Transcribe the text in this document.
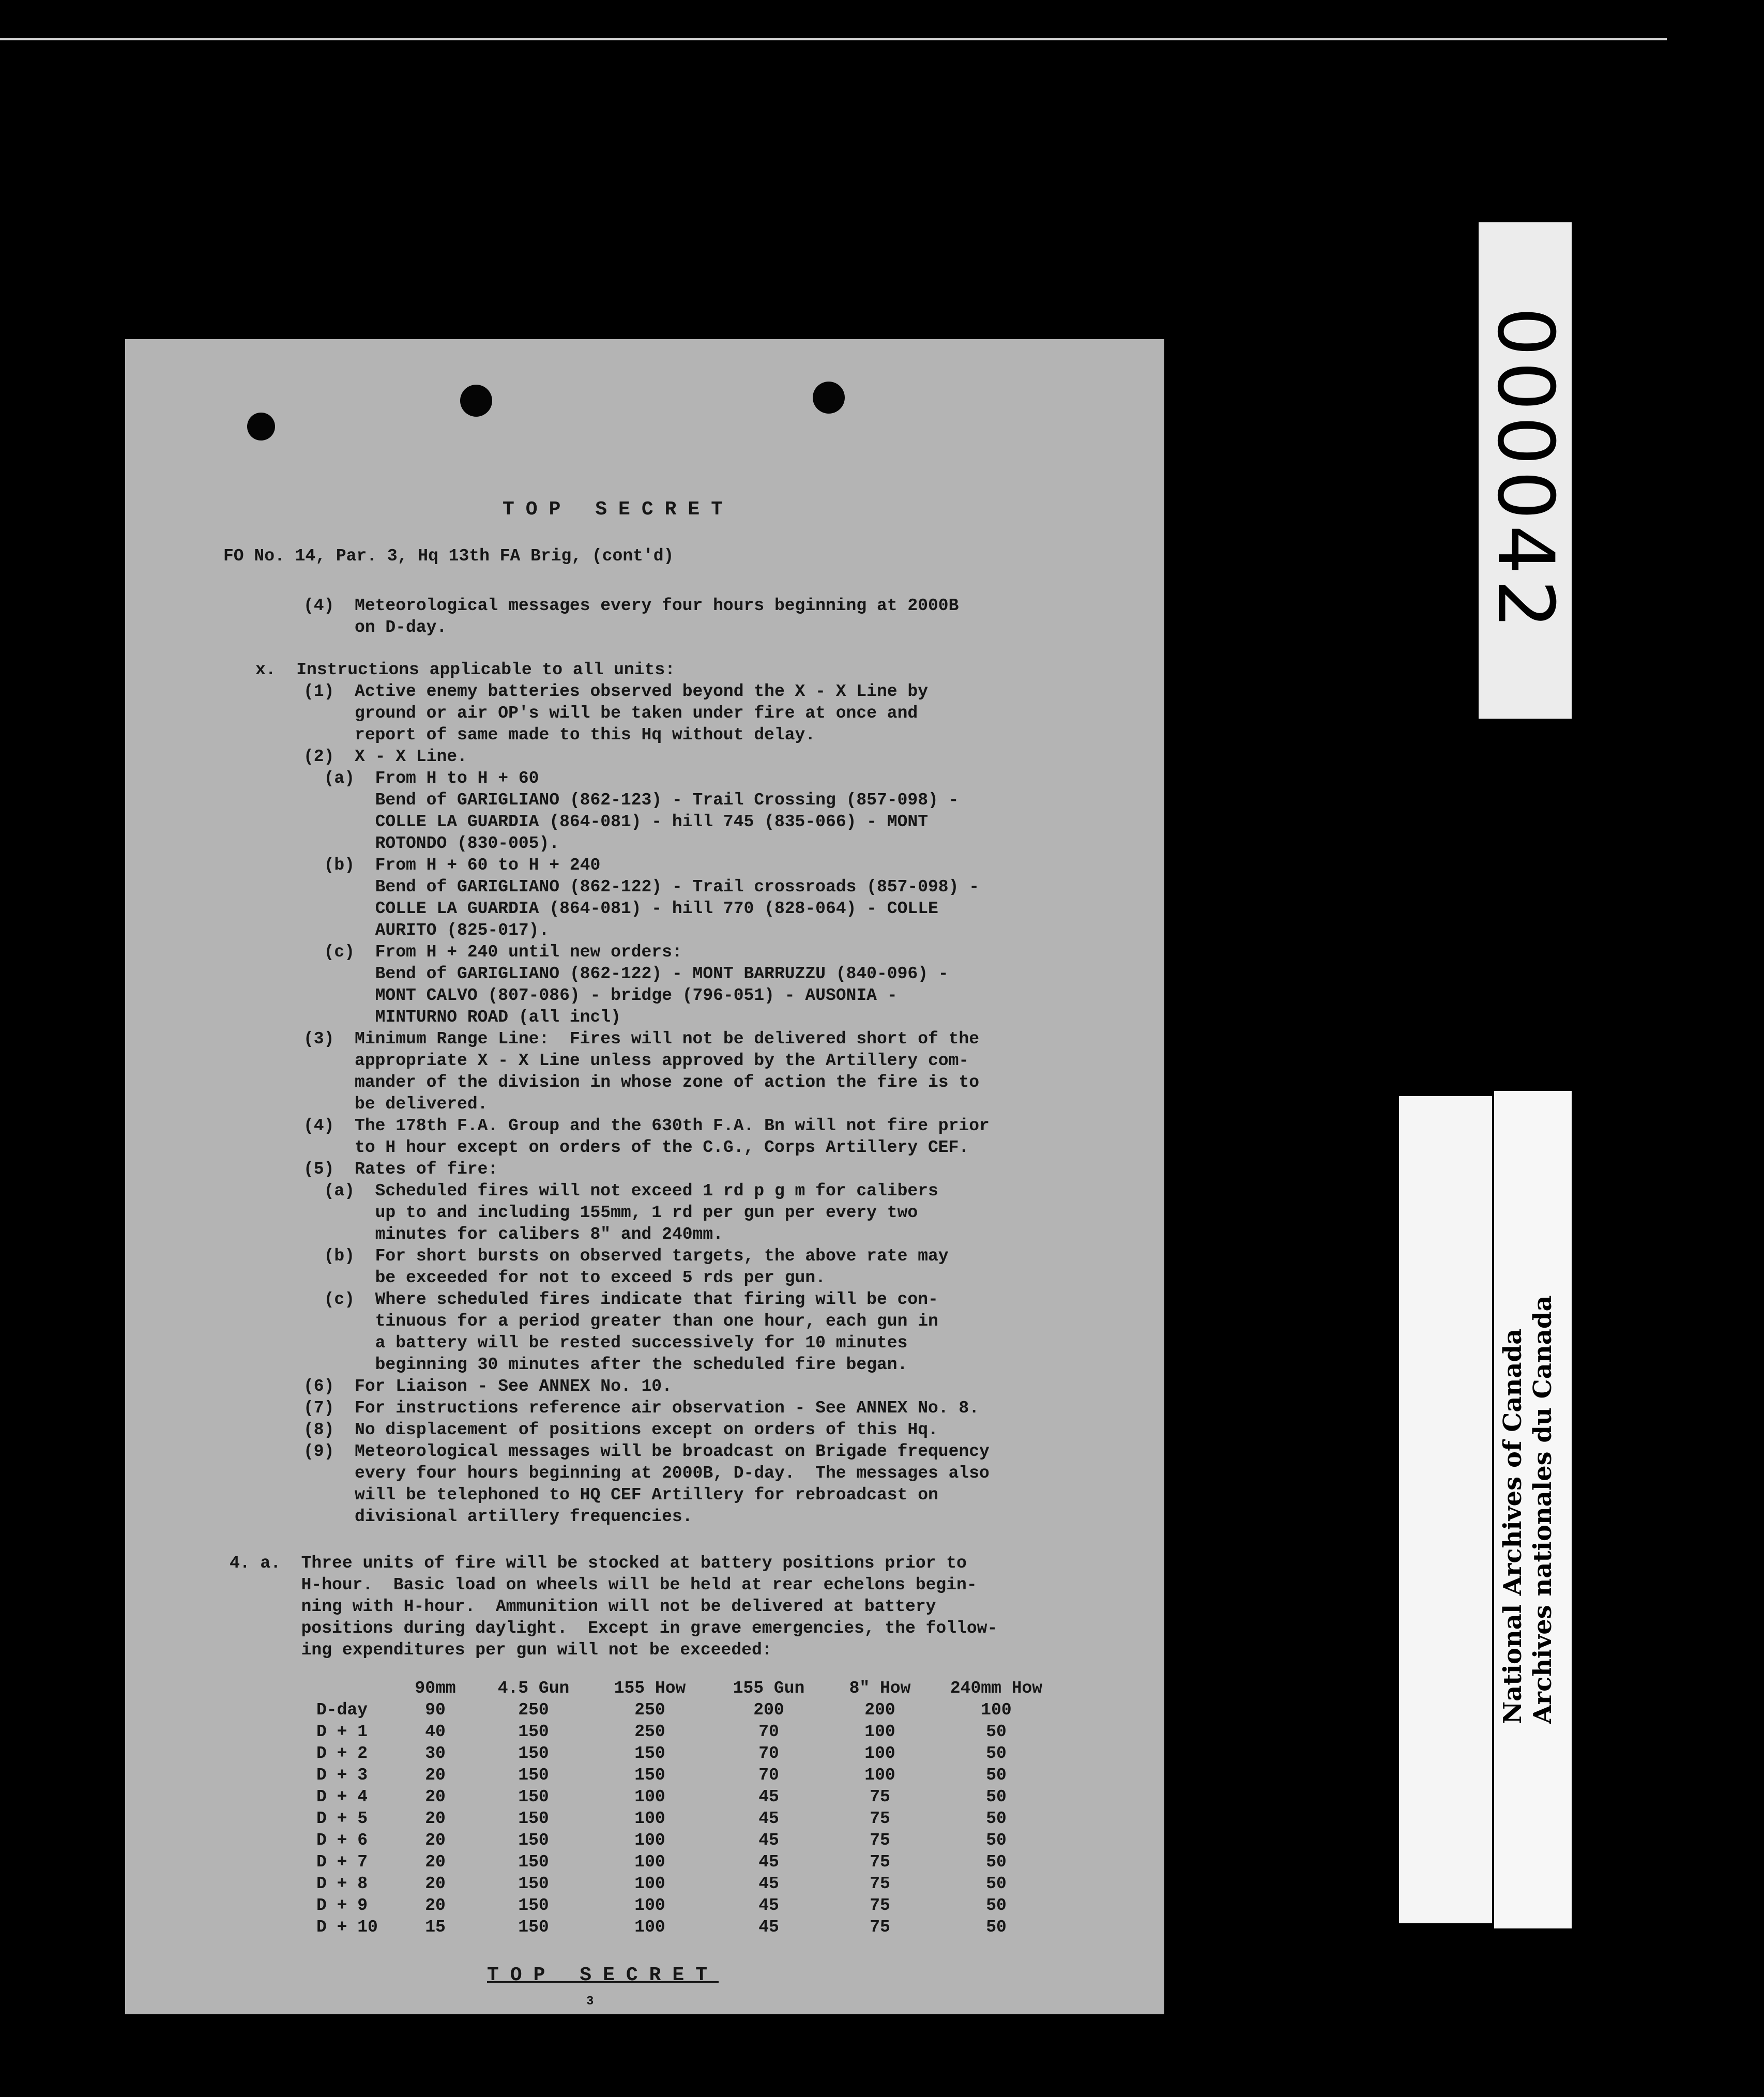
TOP SECRET
FO No. 14, Par. 3, Hq 13th FA Brig, (cont'd)
(4)  Meteorological messages every four hours beginning at 2000B
on D-day.
x.  Instructions applicable to all units:
(1)  Active enemy batteries observed beyond the X - X Line by
ground or air OP's will be taken under fire at once and
report of same made to this Hq without delay.
(2)  X - X Line.
(a)  From H to H + 60
Bend of GARIGLIANO (862-123) - Trail Crossing (857-098) -
COLLE LA GUARDIA (864-081) - hill 745 (835-066) - MONT
ROTONDO (830-005).
(b)  From H + 60 to H + 240
Bend of GARIGLIANO (862-122) - Trail crossroads (857-098) -
COLLE LA GUARDIA (864-081) - hill 770 (828-064) - COLLE
AURITO (825-017).
(c)  From H + 240 until new orders:
Bend of GARIGLIANO (862-122) - MONT BARRUZZU (840-096) -
MONT CALVO (807-086) - bridge (796-051) - AUSONIA -
MINTURNO ROAD (all incl)
(3)  Minimum Range Line:  Fires will not be delivered short of the
appropriate X - X Line unless approved by the Artillery com-
mander of the division in whose zone of action the fire is to
be delivered.
(4)  The 178th F.A. Group and the 630th F.A. Bn will not fire prior
to H hour except on orders of the C.G., Corps Artillery CEF.
(5)  Rates of fire:
(a)  Scheduled fires will not exceed 1 rd p g m for calibers
up to and including 155mm, 1 rd per gun per every two
minutes for calibers 8" and 240mm.
(b)  For short bursts on observed targets, the above rate may
be exceeded for not to exceed 5 rds per gun.
(c)  Where scheduled fires indicate that firing will be con-
tinuous for a period greater than one hour, each gun in
a battery will be rested successively for 10 minutes
beginning 30 minutes after the scheduled fire began.
(6)  For Liaison - See ANNEX No. 10.
(7)  For instructions reference air observation - See ANNEX No. 8.
(8)  No displacement of positions except on orders of this Hq.
(9)  Meteorological messages will be broadcast on Brigade frequency
every four hours beginning at 2000B, D-day.  The messages also
will be telephoned to HQ CEF Artillery for rebroadcast on
divisional artillery frequencies.
4. a.  Three units of fire will be stocked at battery positions prior to
H-hour.  Basic load on wheels will be held at rear echelons begin-
ning with H-hour.  Ammunition will not be delivered at battery
positions during daylight.  Except in grave emergencies, the follow-
ing expenditures per gun will not be exceeded:
	90mm	4.5 Gun	155 How	155 Gun	8" How	240mm How
D-day	90	250	250	200	200	100
D + 1	40	150	250	70	100	50
D + 2	30	150	150	70	100	50
D + 3	20	150	150	70	100	50
D + 4	20	150	100	45	75	50
D + 5	20	150	100	45	75	50
D + 6	20	150	100	45	75	50
D + 7	20	150	100	45	75	50
D + 8	20	150	100	45	75	50
D + 9	20	150	100	45	75	50
D + 10	15	150	100	45	75	50
TOP SECRET
3
000042
RG 24, C-3, vol. 14316 File/dossier 63
NATIONAL DEFENCE DÉFENSE NATIONALE
National Archives of Canada Archives nationales du Canada
